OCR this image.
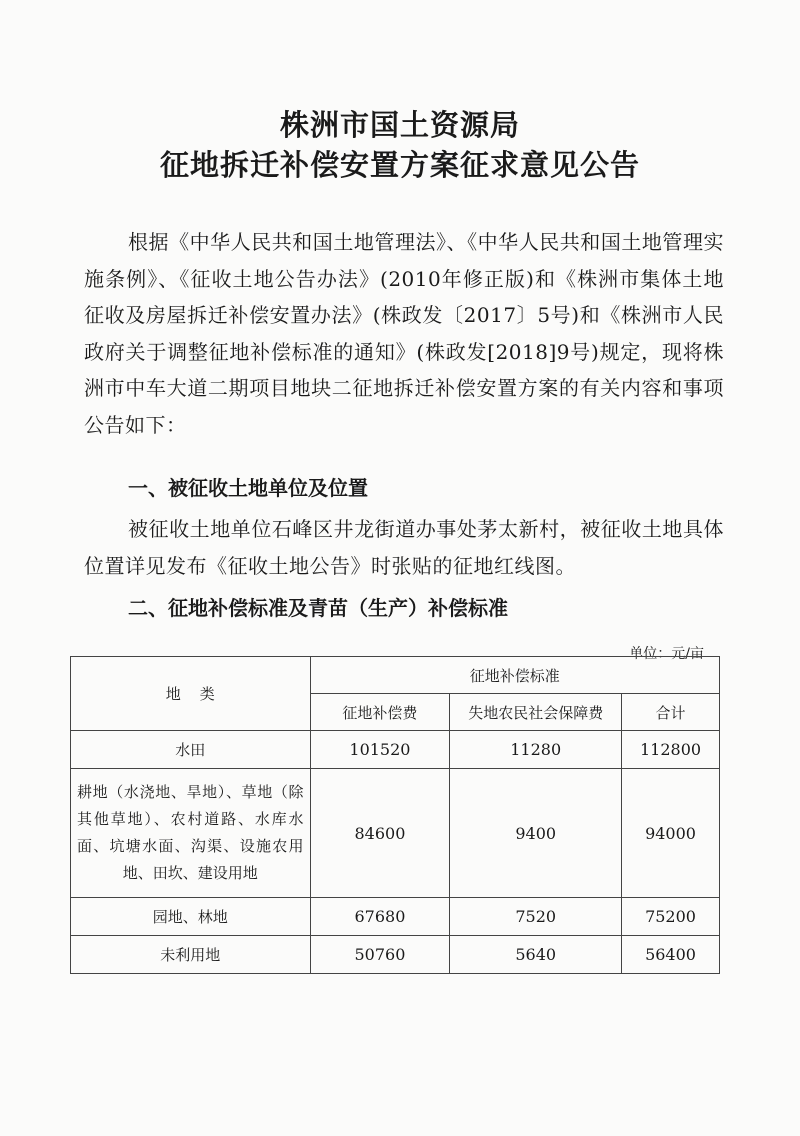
株洲市国土资源局
征地拆迁补偿安置方案征求意见公告

根据《中华人民共和国土地管理法》、《中华人民共和国土地管理实施条例》、《征收土地公告办法》(2010年修正版)和《株洲市集体土地征收及房屋拆迁补偿安置办法》(株政发〔2017〕5号)和《株洲市人民政府关于调整征地补偿标准的通知》(株政发[2018]9号)规定，现将株洲市中车大道二期项目地块二征地拆迁补偿安置方案的有关内容和事项公告如下：

一、被征收土地单位及位置

被征收土地单位石峰区井龙街道办事处茅太新村，被征收土地具体位置详见发布《征收土地公告》时张贴的征地红线图。

二、征地补偿标准及青苗（生产）补偿标准

单位：元/亩
地    类	征地补偿标准		
	征地补偿费	失地农民社会保障费	合计
水田	101520	11280	112800
耕地（水浇地、旱地）、草地（除其他草地）、农村道路、水库水面、坑塘水面、沟渠、设施农用地、田坎、建设用地	84600	9400	94000
园地、林地	67680	7520	75200
未利用地	50760	5640	56400
